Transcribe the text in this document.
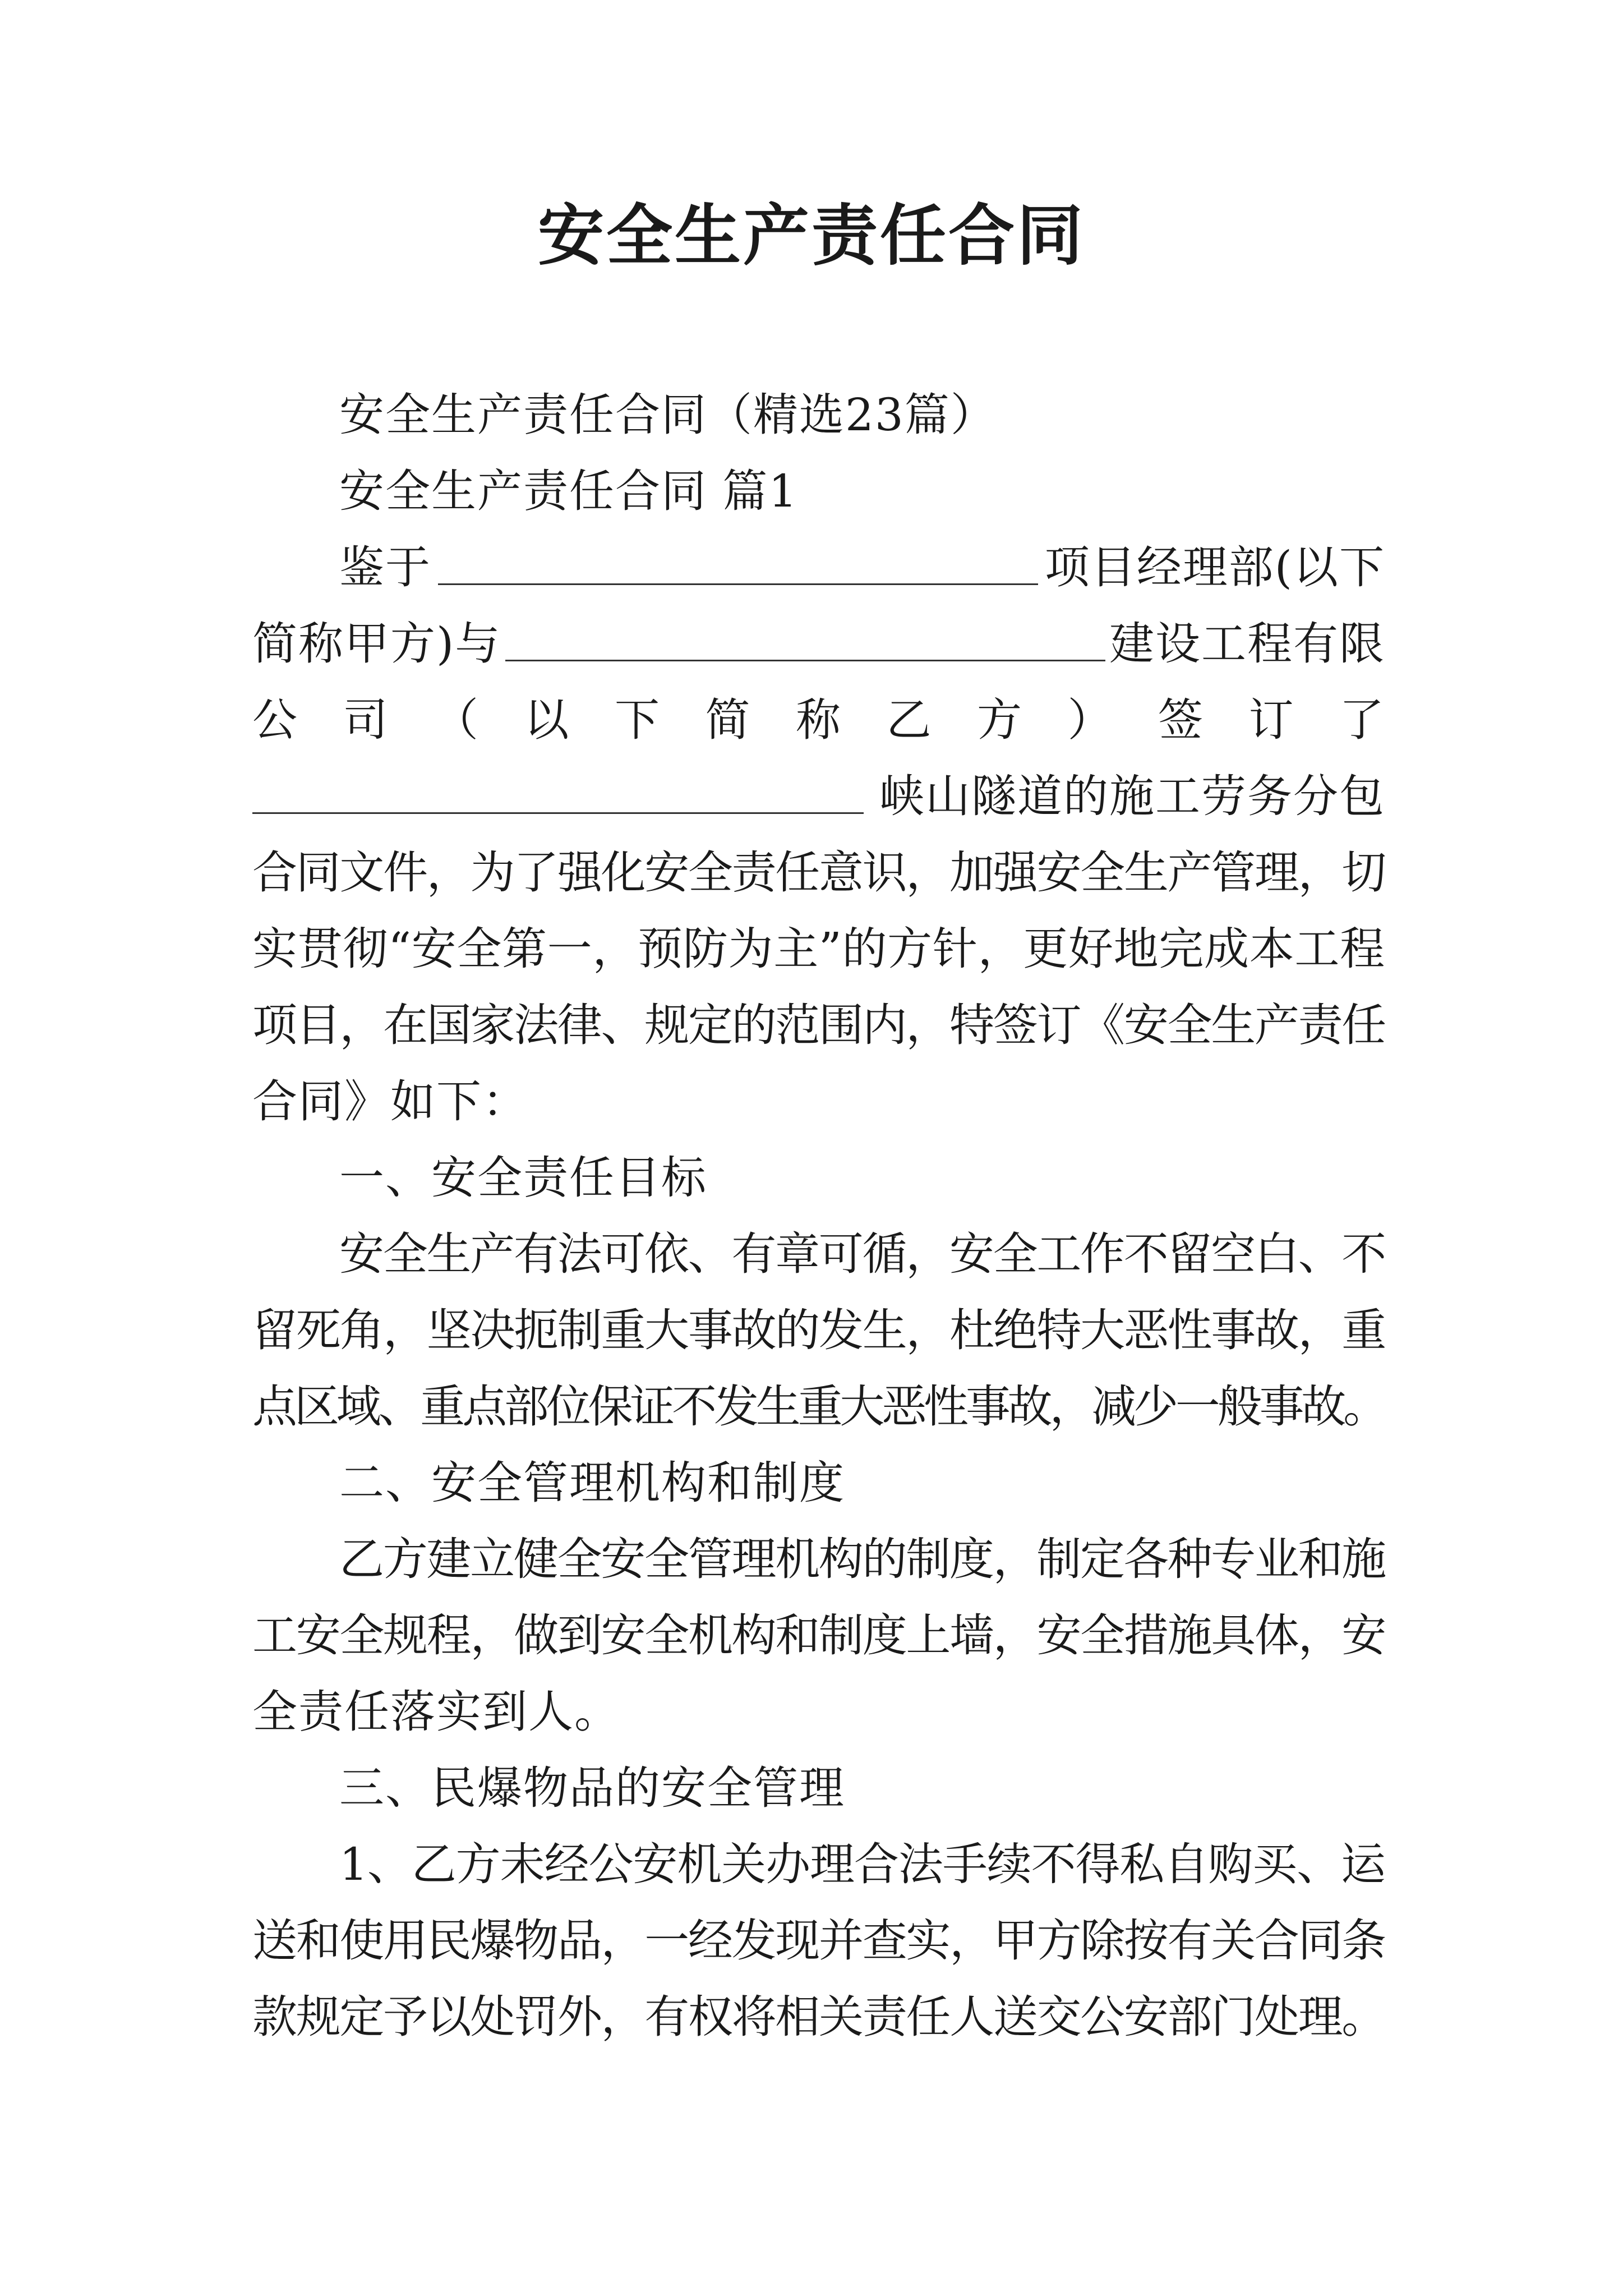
安全生产责任合同
安全生产责任合同（精选23篇）
安全生产责任合同 篇1
鉴于	项目经理部(以下
简称甲方)与	建设工程有限
公 司 （ 以 下 简 称 乙 方 ） 签 订 了
峡山隧道的施工劳务分包
合同文件，为了强化安全责任意识，加强安全生产管理，切
实贯彻“安全第一，预防为主”的方针，更好地完成本工程
项目，在国家法律、规定的范围内，特签订《安全生产责任
合同》如下：
一、安全责任目标
安全生产有法可依、有章可循，安全工作不留空白、不
留死角，坚决扼制重大事故的发生，杜绝特大恶性事故，重
点区域、重点部位保证不发生重大恶性事故，减少一般事故。
二、安全管理机构和制度
乙方建立健全安全管理机构的制度，制定各种专业和施
工安全规程，做到安全机构和制度上墙，安全措施具体，安
全责任落实到人。
三、民爆物品的安全管理
1、乙方未经公安机关办理合法手续不得私自购买、运
送和使用民爆物品，一经发现并查实，甲方除按有关合同条
款规定予以处罚外，有权将相关责任人送交公安部门处理。
